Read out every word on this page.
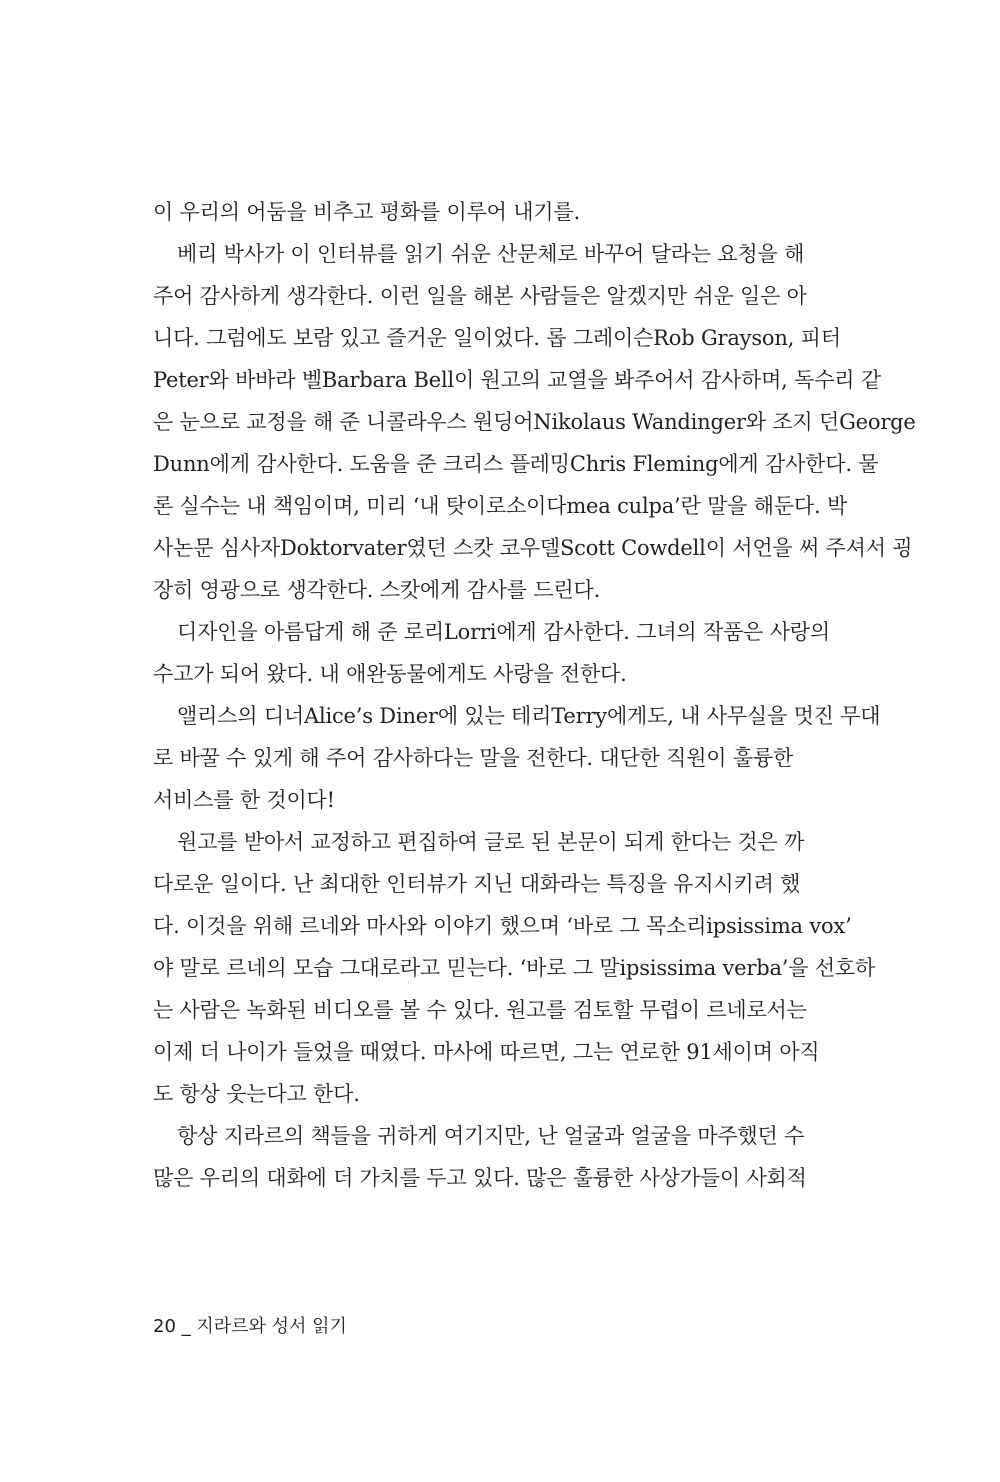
이 우리의 어둠을 비추고 평화를 이루어 내기를.
베리 박사가 이 인터뷰를 읽기 쉬운 산문체로 바꾸어 달라는 요청을 해
주어 감사하게 생각한다. 이런 일을 해본 사람들은 알겠지만 쉬운 일은 아
니다. 그럼에도 보람 있고 즐거운 일이었다. 롭 그레이슨Rob Grayson, 피터
Peter와 바바라 벨Barbara Bell이 원고의 교열을 봐주어서 감사하며, 독수리 같
은 눈으로 교정을 해 준 니콜라우스 원딩어Nikolaus Wandinger와 조지 던George
Dunn에게 감사한다. 도움을 준 크리스 플레밍Chris Fleming에게 감사한다. 물
론 실수는 내 책임이며, 미리 ‘내 탓이로소이다mea culpa’란 말을 해둔다. 박
사논문 심사자Doktorvater였던 스캇 코우델Scott Cowdell이 서언을 써 주셔서 굉
장히 영광으로 생각한다. 스캇에게 감사를 드린다.
디자인을 아름답게 해 준 로리Lorri에게 감사한다. 그녀의 작품은 사랑의
수고가 되어 왔다. 내 애완동물에게도 사랑을 전한다.
앨리스의 디너Alice’s Diner에 있는 테리Terry에게도, 내 사무실을 멋진 무대
로 바꿀 수 있게 해 주어 감사하다는 말을 전한다. 대단한 직원이 훌륭한
서비스를 한 것이다!
원고를 받아서 교정하고 편집하여 글로 된 본문이 되게 한다는 것은 까
다로운 일이다. 난 최대한 인터뷰가 지닌 대화라는 특징을 유지시키려 했
다. 이것을 위해 르네와 마사와 이야기 했으며 ‘바로 그 목소리ipsissima vox’
야 말로 르네의 모습 그대로라고 믿는다. ‘바로 그 말ipsissima verba’을 선호하
는 사람은 녹화된 비디오를 볼 수 있다. 원고를 검토할 무렵이 르네로서는
이제 더 나이가 들었을 때였다. 마사에 따르면, 그는 연로한 91세이며 아직
도 항상 웃는다고 한다.
항상 지라르의 책들을 귀하게 여기지만, 난 얼굴과 얼굴을 마주했던 수
많은 우리의 대화에 더 가치를 두고 있다. 많은 훌륭한 사상가들이 사회적
20 _ 지라르와 성서 읽기
